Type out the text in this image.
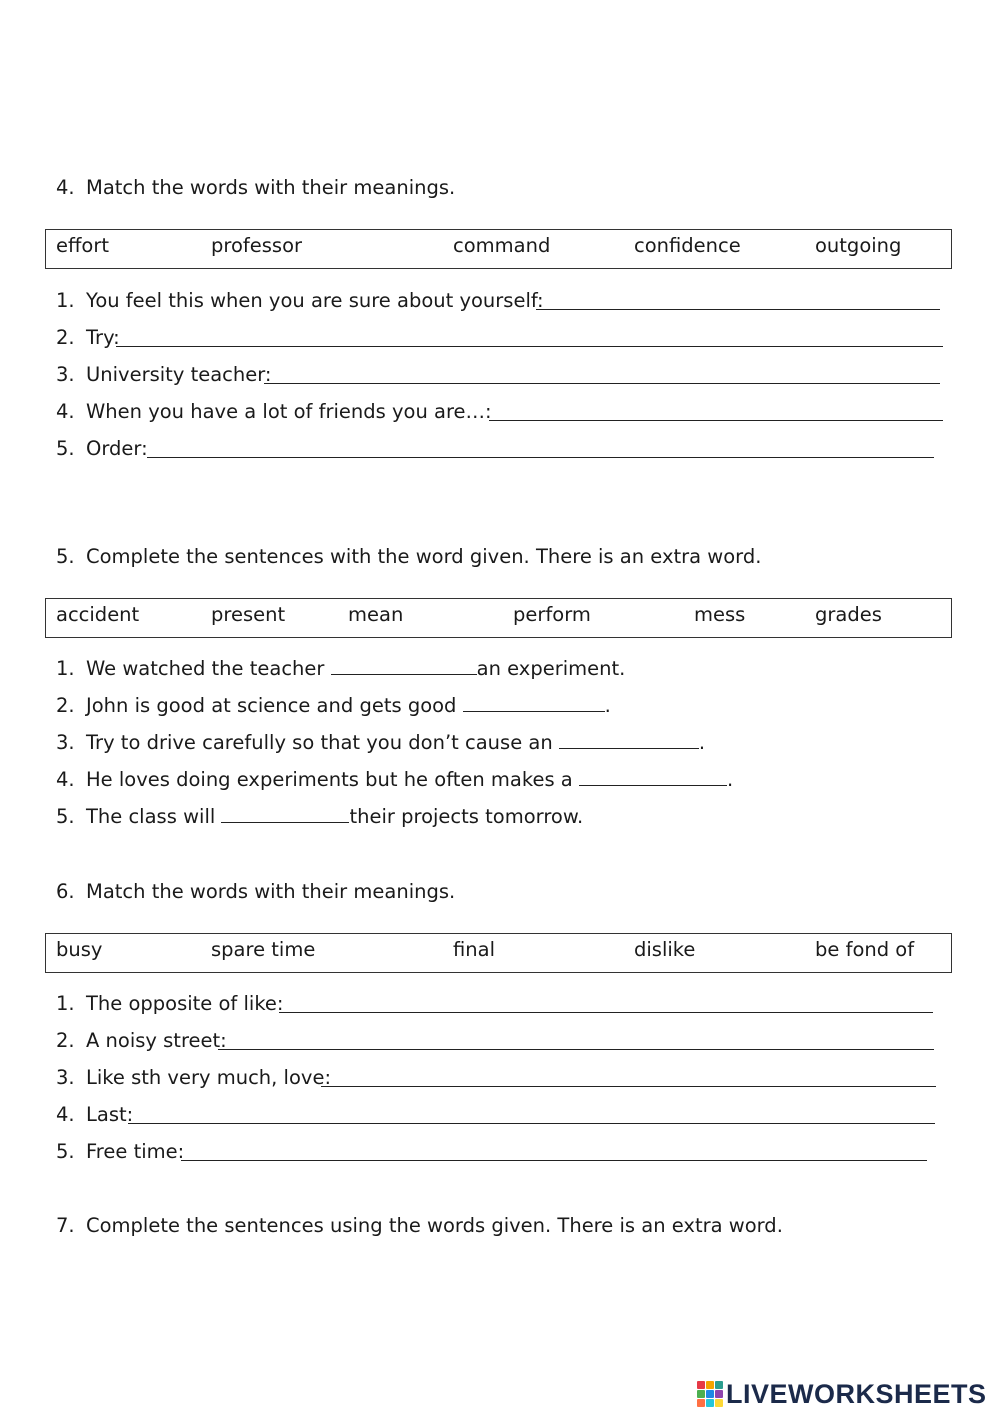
4. Match the words with their meanings.
effort	professor	command	confidence	outgoing
1. You feel this when you are sure about yourself:
2. Try:
3. University teacher:
4. When you have a lot of friends you are…:
5. Order:
5. Complete the sentences with the word given. There is an extra word.
accident	present	mean	perform	mess	grades
1. We watched the teacher	an experiment.
2. John is good at science and gets good	.
3. Try to drive carefully so that you don’t cause an	.
4. He loves doing experiments but he often makes a	.
5. The class will	their projects tomorrow.
6. Match the words with their meanings.
busy	spare time	final	dislike	be fond of
1. The opposite of like:
2. A noisy street:
3. Like sth very much, love:
4. Last:
5. Free time:
7. Complete the sentences using the words given. There is an extra word.
LIVEWORKSHEETS
